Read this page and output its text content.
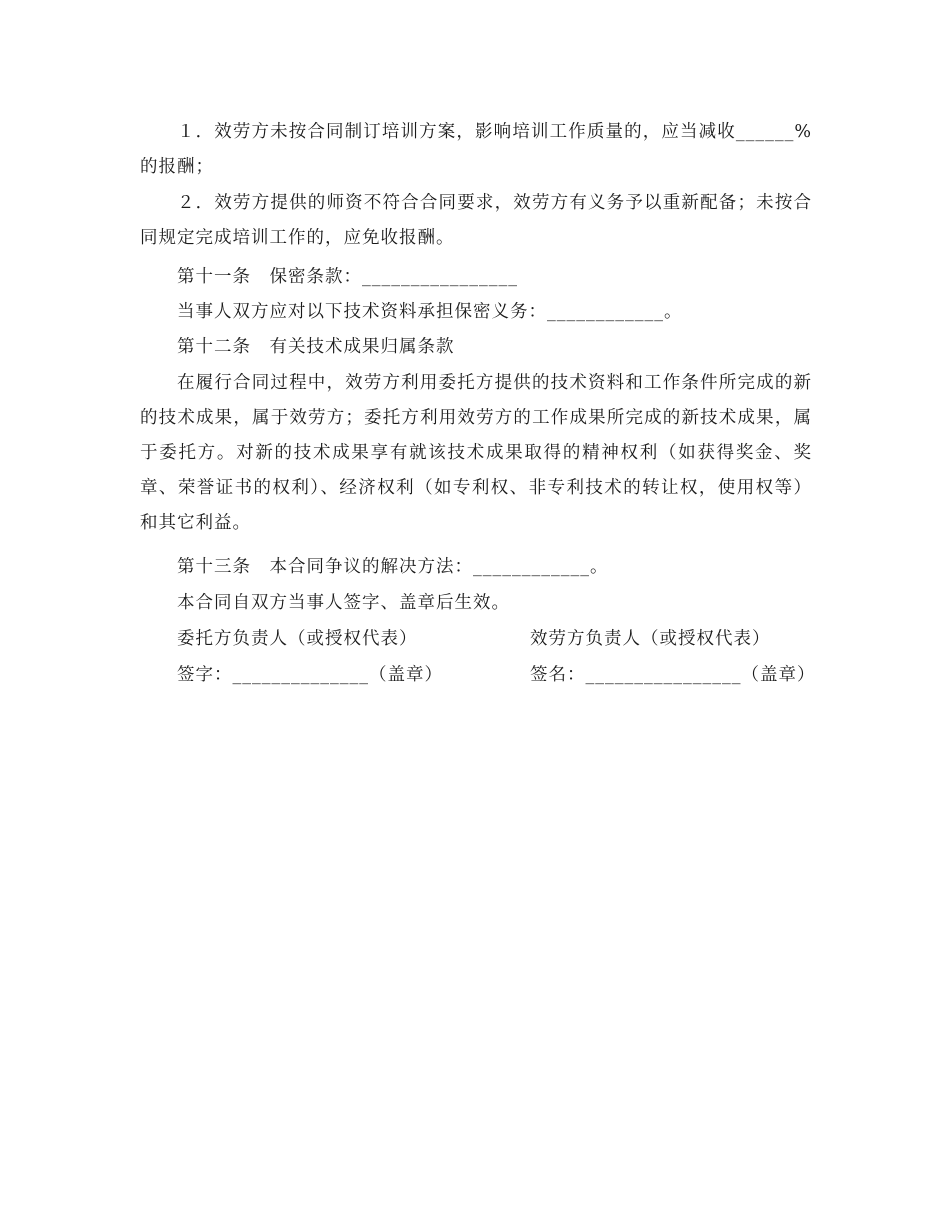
１．效劳方未按合同制订培训方案，影响培训工作质量的，应当减收______%的报酬；

２．效劳方提供的师资不符合合同要求，效劳方有义务予以重新配备；未按合同规定完成培训工作的，应免收报酬。

第十一条　保密条款：________________

当事人双方应对以下技术资料承担保密义务：____________。

第十二条　有关技术成果归属条款

在履行合同过程中，效劳方利用委托方提供的技术资料和工作条件所完成的新的技术成果，属于效劳方；委托方利用效劳方的工作成果所完成的新技术成果，属于委托方。对新的技术成果享有就该技术成果取得的精神权利（如获得奖金、奖章、荣誉证书的权利）、经济权利（如专利权、非专利技术的转让权，使用权等）和其它利益。

第十三条　本合同争议的解决方法：____________。

本合同自双方当事人签字、盖章后生效。

委托方负责人（或授权代表）	效劳方负责人（或授权代表）
签字：______________（盖章）	签名：________________（盖章）
